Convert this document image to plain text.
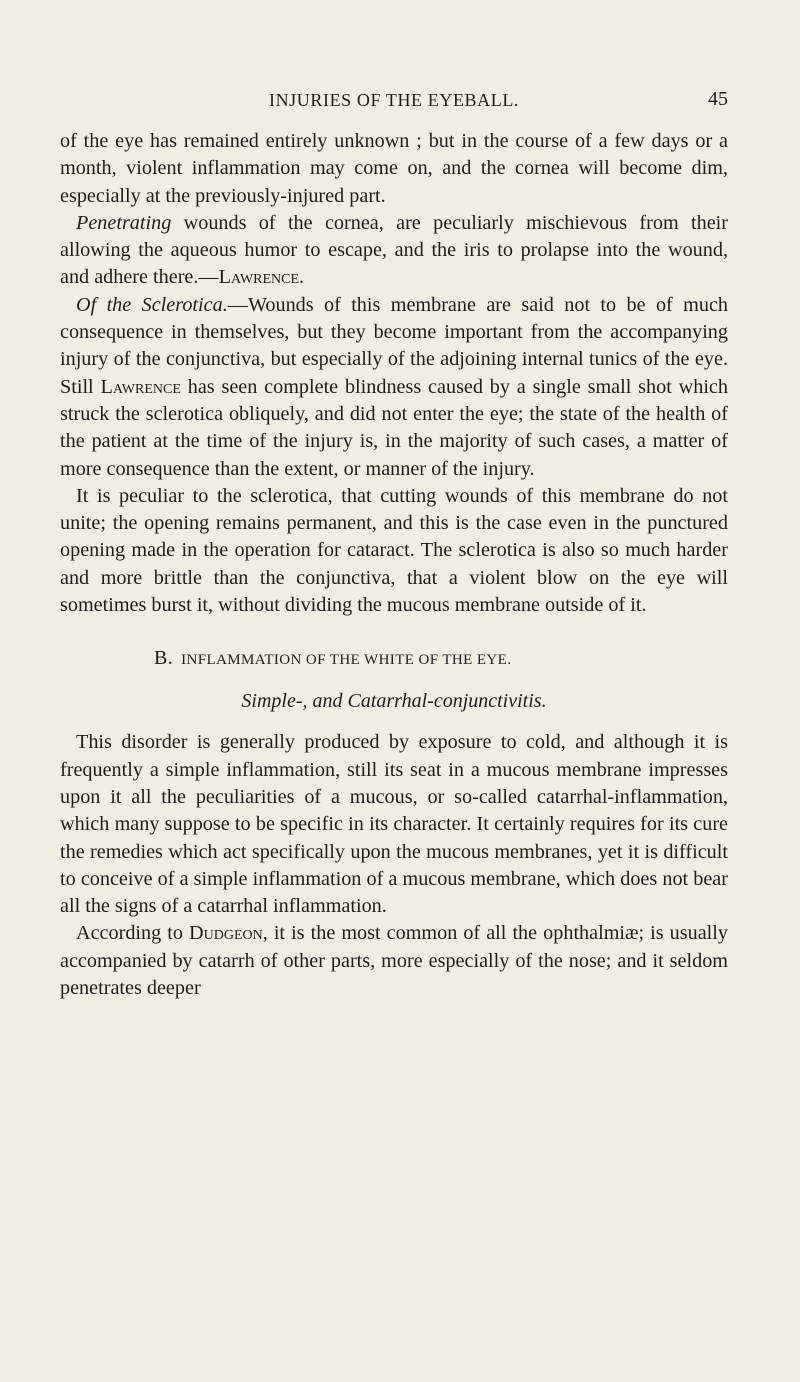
INJURIES OF THE EYEBALL.	45

of the eye has remained entirely unknown ; but in the course of a few days or a month, violent inflammation may come on, and the cornea will become dim, especially at the previously-injured part.

Penetrating wounds of the cornea, are peculiarly mischievous from their allowing the aqueous humor to escape, and the iris to prolapse into the wound, and adhere there.—Lawrence.

Of the Sclerotica.—Wounds of this membrane are said not to be of much consequence in themselves, but they become important from the accompanying injury of the conjunctiva, but especially of the adjoining internal tunics of the eye. Still Lawrence has seen complete blindness caused by a single small shot which struck the sclerotica obliquely, and did not enter the eye; the state of the health of the patient at the time of the injury is, in the majority of such cases, a matter of more consequence than the extent, or manner of the injury.

It is peculiar to the sclerotica, that cutting wounds of this membrane do not unite; the opening remains permanent, and this is the case even in the punctured opening made in the operation for cataract. The sclerotica is also so much harder and more brittle than the conjunctiva, that a violent blow on the eye will sometimes burst it, without dividing the mucous membrane outside of it.

B. INFLAMMATION OF THE WHITE OF THE EYE.
Simple-, and Catarrhal-conjunctivitis.

This disorder is generally produced by exposure to cold, and although it is frequently a simple inflammation, still its seat in a mucous membrane impresses upon it all the peculiarities of a mucous, or so-called catarrhal-inflammation, which many suppose to be specific in its character. It certainly requires for its cure the remedies which act specifically upon the mucous membranes, yet it is difficult to conceive of a simple inflammation of a mucous membrane, which does not bear all the signs of a catarrhal inflammation.

According to Dudgeon, it is the most common of all the ophthalmiæ; is usually accompanied by catarrh of other parts, more especially of the nose; and it seldom penetrates deeper
